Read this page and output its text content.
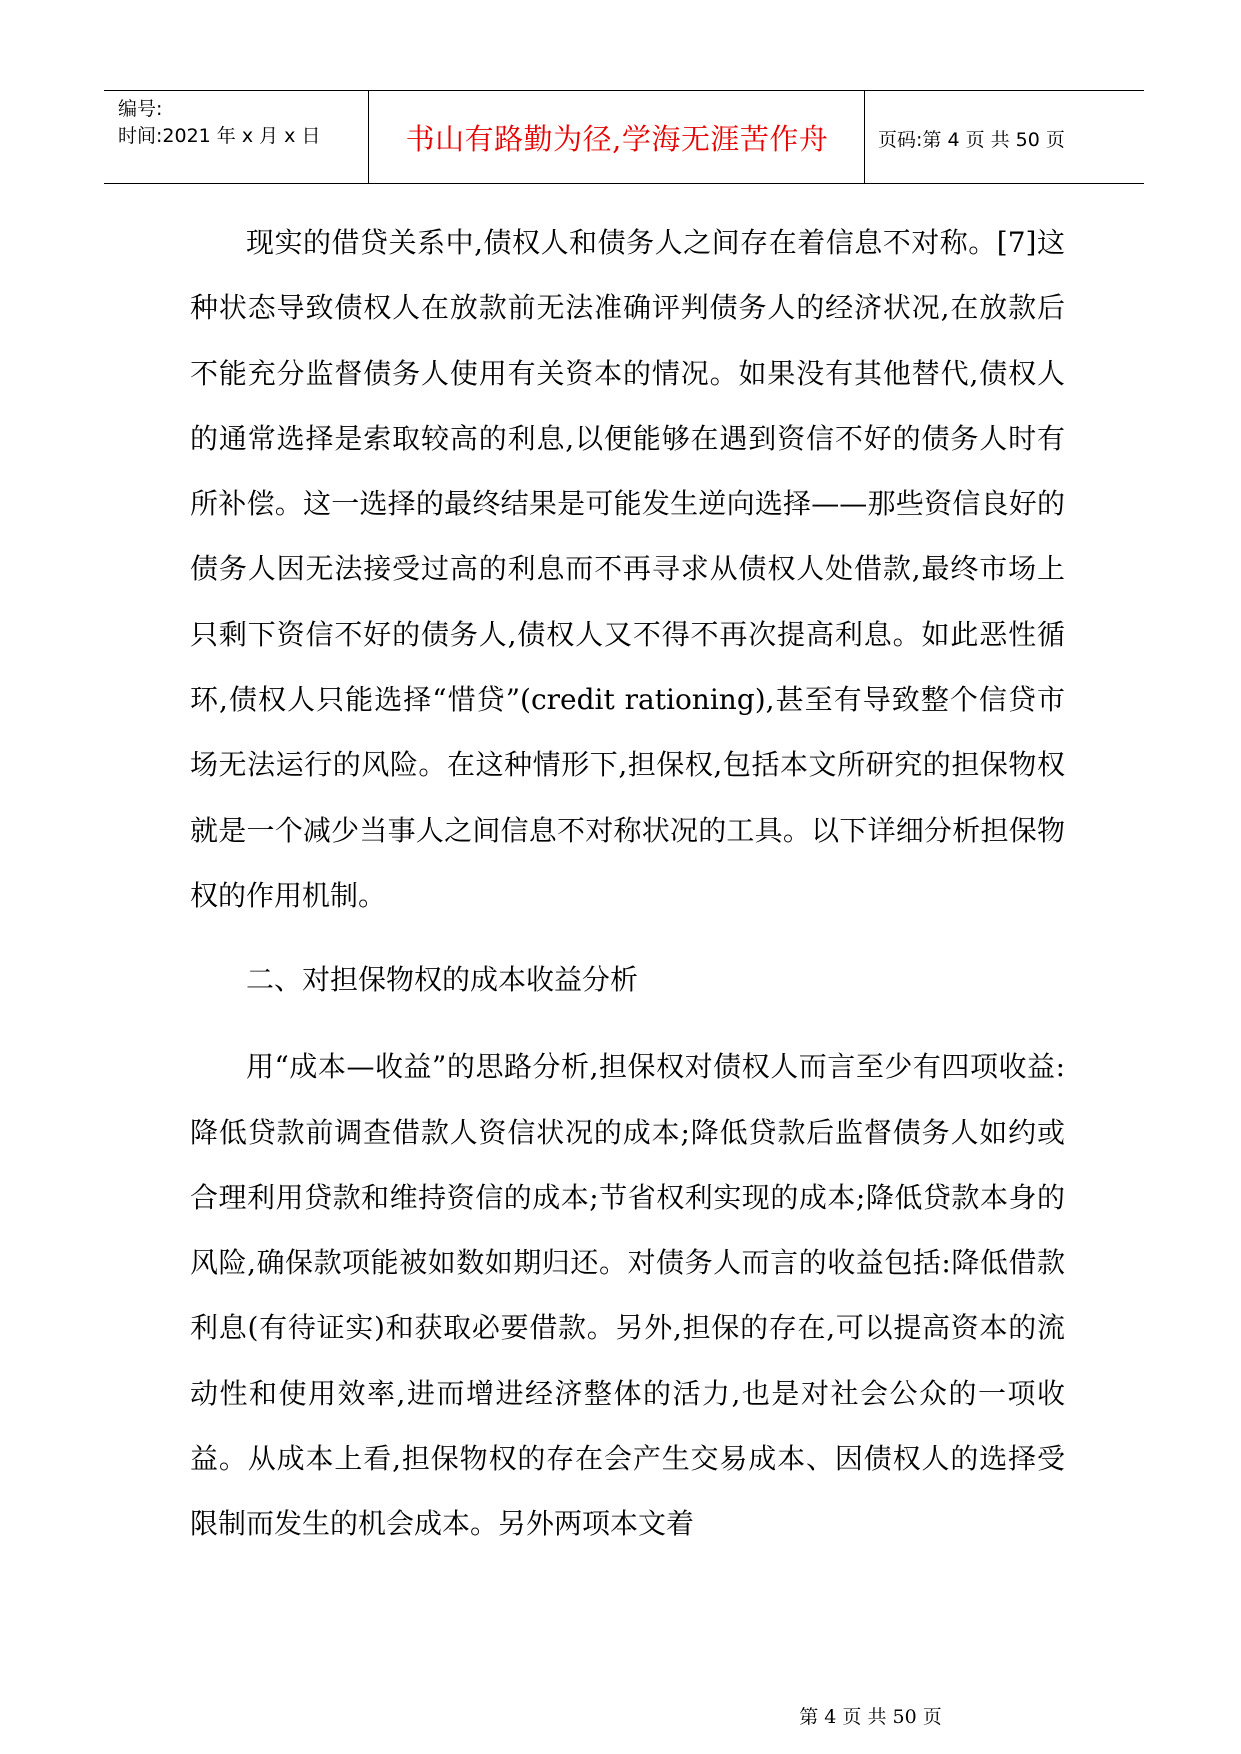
编号:
时间:2021 年 x 月 x 日	书山有路勤为径,学海无涯苦作舟	页码:第 4 页 共 50 页

现实的借贷关系中,债权人和债务人之间存在着信息不对称。[7]这种状态导致债权人在放款前无法准确评判债务人的经济状况,在放款后不能充分监督债务人使用有关资本的情况。如果没有其他替代,债权人的通常选择是索取较高的利息,以便能够在遇到资信不好的债务人时有所补偿。这一选择的最终结果是可能发生逆向选择——那些资信良好的债务人因无法接受过高的利息而不再寻求从债权人处借款,最终市场上只剩下资信不好的债务人,债权人又不得不再次提高利息。如此恶性循环,债权人只能选择“惜贷”(credit rationing),甚至有导致整个信贷市场无法运行的风险。在这种情形下,担保权,包括本文所研究的担保物权就是一个减少当事人之间信息不对称状况的工具。以下详细分析担保物权的作用机制。

二、对担保物权的成本收益分析

用“成本—收益”的思路分析,担保权对债权人而言至少有四项收益:降低贷款前调查借款人资信状况的成本;降低贷款后监督债务人如约或合理利用贷款和维持资信的成本;节省权利实现的成本;降低贷款本身的风险,确保款项能被如数如期归还。对债务人而言的收益包括:降低借款利息(有待证实)和获取必要借款。另外,担保的存在,可以提高资本的流动性和使用效率,进而增进经济整体的活力,也是对社会公众的一项收益。从成本上看,担保物权的存在会产生交易成本、因债权人的选择受限制而发生的机会成本。另外两项本文着

第 4 页 共 50 页
